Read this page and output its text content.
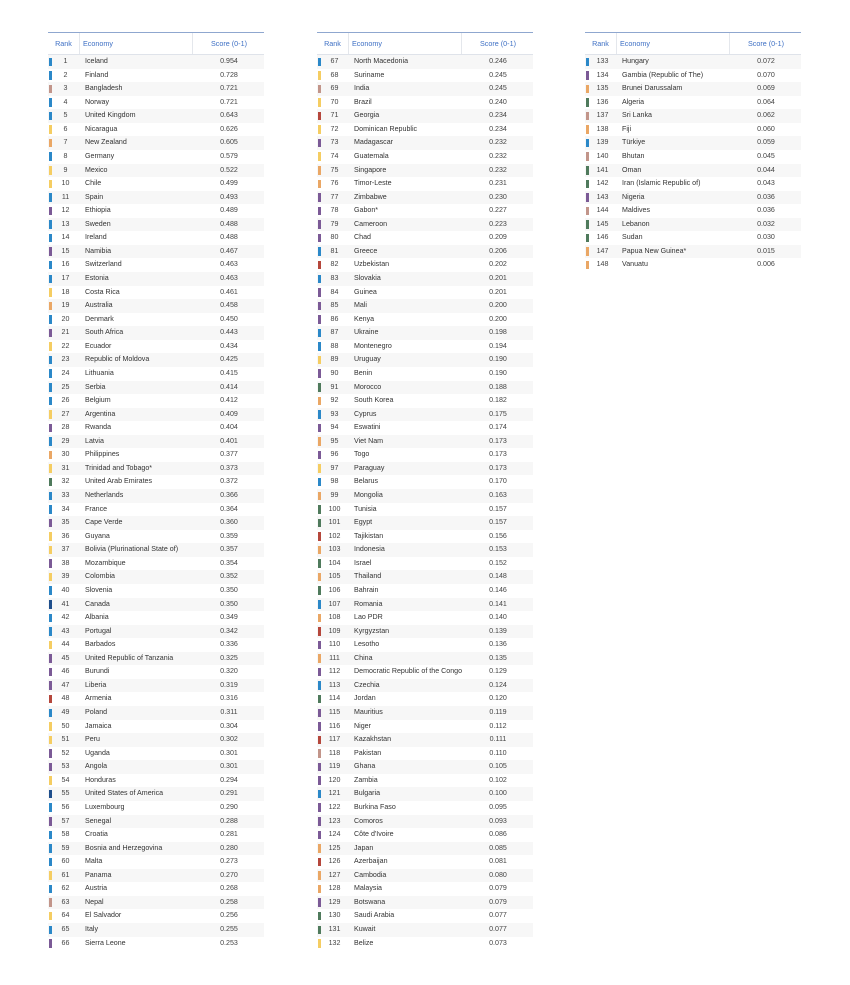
Rank	Economy	Score (0-1)
1	Iceland	0.954
2	Finland	0.728
3	Bangladesh	0.721
4	Norway	0.721
5	United Kingdom	0.643
6	Nicaragua	0.626
7	New Zealand	0.605
8	Germany	0.579
9	Mexico	0.522
10	Chile	0.499
11	Spain	0.493
12	Ethiopia	0.489
13	Sweden	0.488
14	Ireland	0.488
15	Namibia	0.467
16	Switzerland	0.463
17	Estonia	0.463
18	Costa Rica	0.461
19	Australia	0.458
20	Denmark	0.450
21	South Africa	0.443
22	Ecuador	0.434
23	Republic of Moldova	0.425
24	Lithuania	0.415
25	Serbia	0.414
26	Belgium	0.412
27	Argentina	0.409
28	Rwanda	0.404
29	Latvia	0.401
30	Philippines	0.377
31	Trinidad and Tobago*	0.373
32	United Arab Emirates	0.372
33	Netherlands	0.366
34	France	0.364
35	Cape Verde	0.360
36	Guyana	0.359
37	Bolivia (Plurinational State of)	0.357
38	Mozambique	0.354
39	Colombia	0.352
40	Slovenia	0.350
41	Canada	0.350
42	Albania	0.349
43	Portugal	0.342
44	Barbados	0.336
45	United Republic of Tanzania	0.325
46	Burundi	0.320
47	Liberia	0.319
48	Armenia	0.316
49	Poland	0.311
50	Jamaica	0.304
51	Peru	0.302
52	Uganda	0.301
53	Angola	0.301
54	Honduras	0.294
55	United States of America	0.291
56	Luxembourg	0.290
57	Senegal	0.288
58	Croatia	0.281
59	Bosnia and Herzegovina	0.280
60	Malta	0.273
61	Panama	0.270
62	Austria	0.268
63	Nepal	0.258
64	El Salvador	0.256
65	Italy	0.255
66	Sierra Leone	0.253
Rank	Economy	Score (0-1)
67	North Macedonia	0.246
68	Suriname	0.245
69	India	0.245
70	Brazil	0.240
71	Georgia	0.234
72	Dominican Republic	0.234
73	Madagascar	0.232
74	Guatemala	0.232
75	Singapore	0.232
76	Timor-Leste	0.231
77	Zimbabwe	0.230
78	Gabon*	0.227
79	Cameroon	0.223
80	Chad	0.209
81	Greece	0.206
82	Uzbekistan	0.202
83	Slovakia	0.201
84	Guinea	0.201
85	Mali	0.200
86	Kenya	0.200
87	Ukraine	0.198
88	Montenegro	0.194
89	Uruguay	0.190
90	Benin	0.190
91	Morocco	0.188
92	South Korea	0.182
93	Cyprus	0.175
94	Eswatini	0.174
95	Viet Nam	0.173
96	Togo	0.173
97	Paraguay	0.173
98	Belarus	0.170
99	Mongolia	0.163
100	Tunisia	0.157
101	Egypt	0.157
102	Tajikistan	0.156
103	Indonesia	0.153
104	Israel	0.152
105	Thailand	0.148
106	Bahrain	0.146
107	Romania	0.141
108	Lao PDR	0.140
109	Kyrgyzstan	0.139
110	Lesotho	0.136
111	China	0.135
112	Democratic Republic of the Congo	0.129
113	Czechia	0.124
114	Jordan	0.120
115	Mauritius	0.119
116	Niger	0.112
117	Kazakhstan	0.111
118	Pakistan	0.110
119	Ghana	0.105
120	Zambia	0.102
121	Bulgaria	0.100
122	Burkina Faso	0.095
123	Comoros	0.093
124	Côte d'Ivoire	0.086
125	Japan	0.085
126	Azerbaijan	0.081
127	Cambodia	0.080
128	Malaysia	0.079
129	Botswana	0.079
130	Saudi Arabia	0.077
131	Kuwait	0.077
132	Belize	0.073
Rank	Economy	Score (0-1)
133	Hungary	0.072
134	Gambia (Republic of The)	0.070
135	Brunei Darussalam	0.069
136	Algeria	0.064
137	Sri Lanka	0.062
138	Fiji	0.060
139	Türkiye	0.059
140	Bhutan	0.045
141	Oman	0.044
142	Iran (Islamic Republic of)	0.043
143	Nigeria	0.036
144	Maldives	0.036
145	Lebanon	0.032
146	Sudan	0.030
147	Papua New Guinea*	0.015
148	Vanuatu	0.006
